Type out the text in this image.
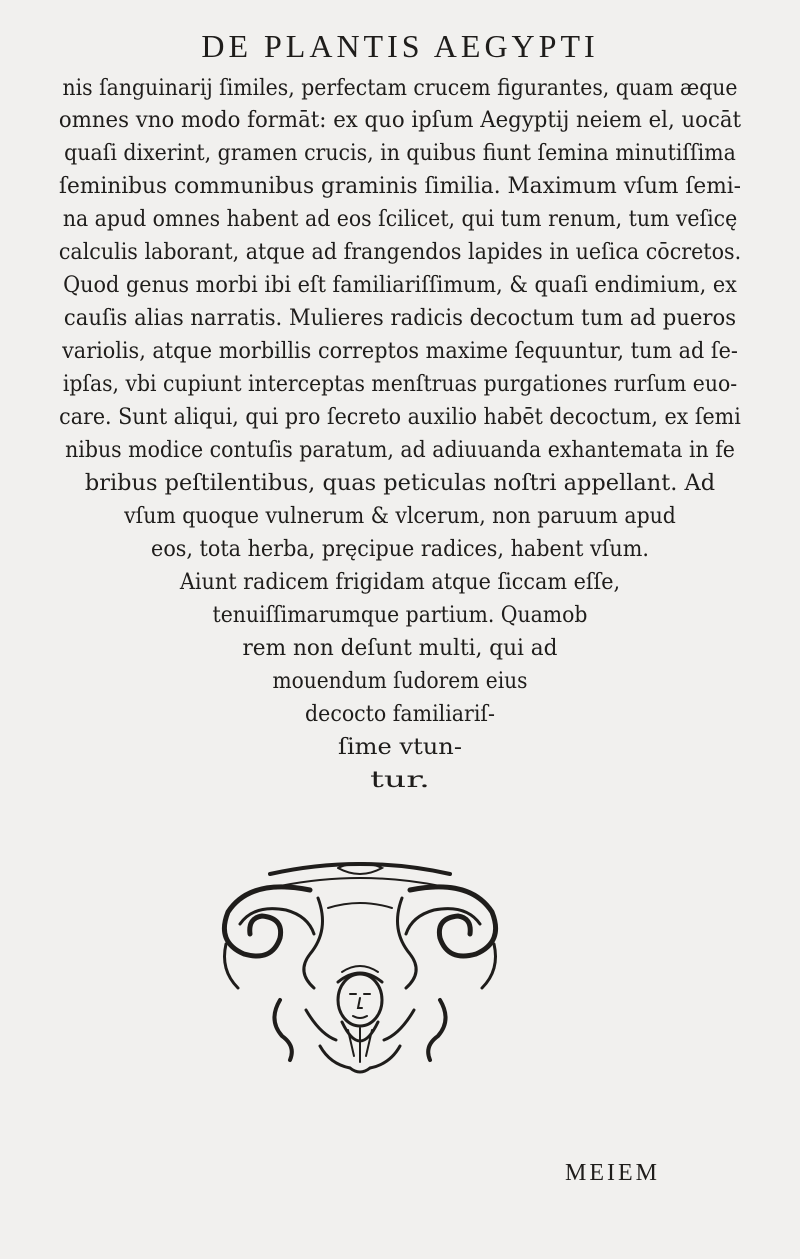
DE PLANTIS AEGYPTI
nis ſanguinarij ſimiles, perfectam crucem figurantes, quam æque
omnes vno modo formāt: ex quo ipſum Aegyptij neiem el, uocāt
quaſi dixerint, gramen crucis, in quibus fiunt ſemina minutiſſima
ſeminibus communibus graminis ſimilia. Maximum vſum ſemi-
na apud omnes habent ad eos ſcilicet, qui tum renum, tum veſicę
calculis laborant, atque ad frangendos lapides in ueſica cōcretos.
Quod genus morbi ibi eſt familiariſſimum, & quaſi endimium, ex
cauſis alias narratis. Mulieres radicis decoctum tum ad pueros
variolis, atque morbillis correptos maxime ſequuntur, tum ad ſe-
ipſas, vbi cupiunt interceptas menſtruas purgationes rurſum euo-
care. Sunt aliqui, qui pro ſecreto auxilio habēt decoctum, ex ſemi
nibus modice contuſis paratum, ad adiuuanda exhantemata in fe
bribus peſtilentibus, quas peticulas noſtri appellant. Ad
vſum quoque vulnerum & vlcerum, non paruum apud
eos, tota herba, pręcipue radices, habent vſum.
Aiunt radicem frigidam atque ſiccam eſſe,
tenuiſſimarumque partium. Quamob
rem non deſunt multi, qui ad
mouendum ſudorem eius
decocto familiariſ-
ſime vtun-
tur.
MEIEM
